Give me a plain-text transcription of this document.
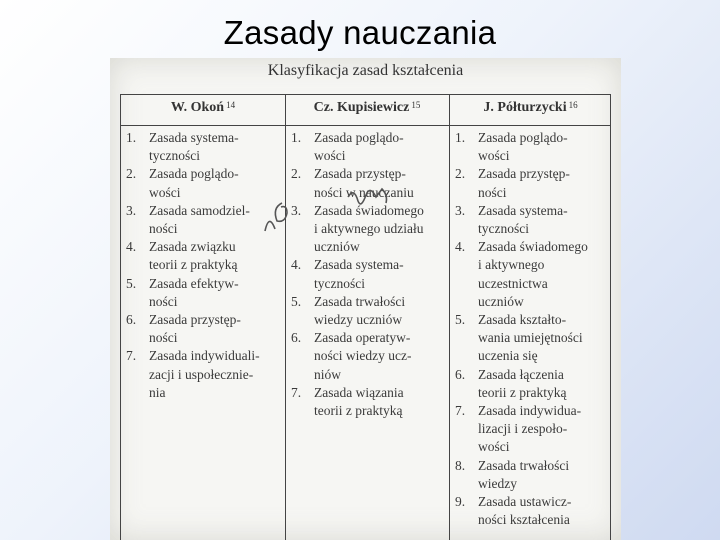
Zasady nauczania
Klasyfikacja zasad kształcenia
W. Okoń $^{14}$	Cz. Kupisiewicz $^{15}$	J. Półturzycki $^{16}$
1. Zasada systema-
tyczności
2. Zasada poglądo-
wości
3. Zasada samodziel-
ności
4. Zasada związku
teorii z praktyką
5. Zasada efektyw-
ności
6. Zasada przystęp-
ności
7. Zasada indywiduali-
zacji i uspołecznie-
nia
1. Zasada poglądo-
wości
2. Zasada przystęp-
ności w nauczaniu
3. Zasada świadomego
i aktywnego udziału
uczniów
4. Zasada systema-
tyczności
5. Zasada trwałości
wiedzy uczniów
6. Zasada operatyw-
ności wiedzy ucz-
niów
7. Zasada wiązania
teorii z praktyką
1. Zasada poglądo-
wości
2. Zasada przystęp-
ności
3. Zasada systema-
tyczności
4. Zasada świadomego
i aktywnego
uczestnictwa
uczniów
5. Zasada kształto-
wania umiejętności
uczenia się
6. Zasada łączenia
teorii z praktyką
7. Zasada indywidua-
lizacji i zespoło-
wości
8. Zasada trwałości
wiedzy
9. Zasada ustawicz-
ności kształcenia
